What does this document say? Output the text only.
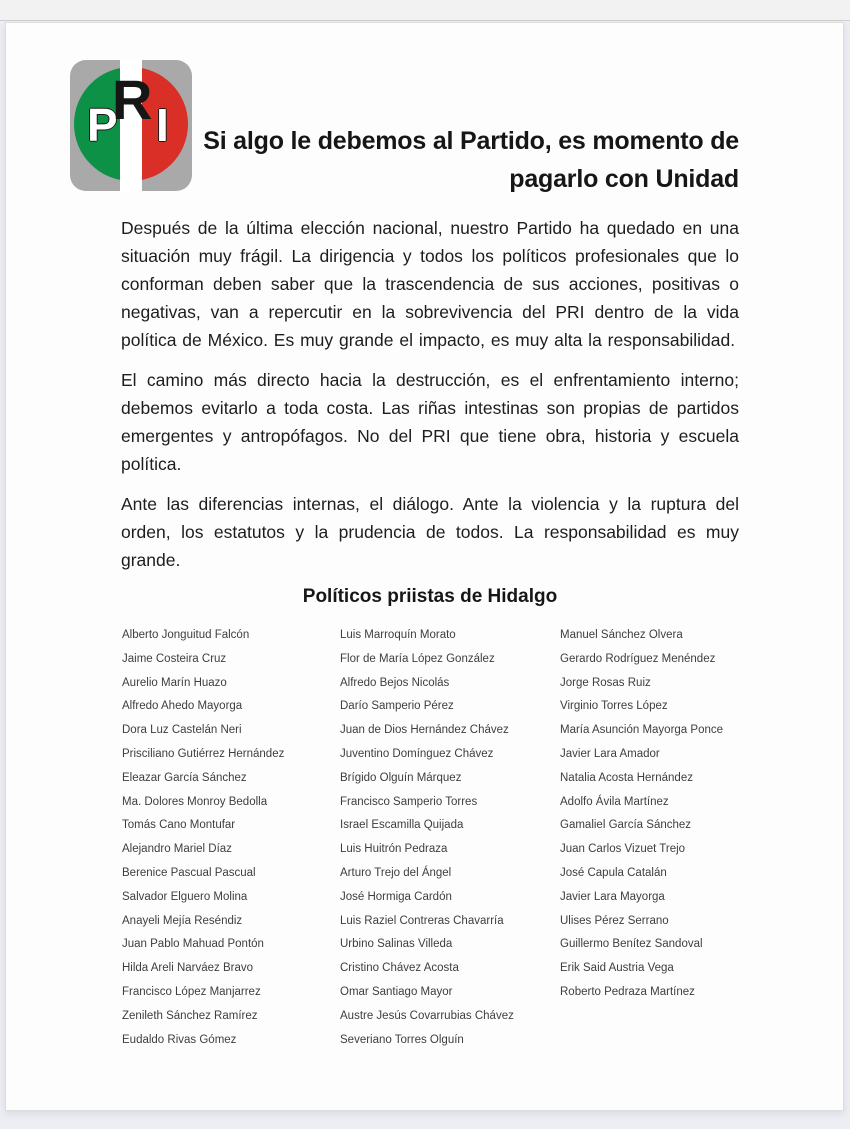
P
R I	Si algo le debemos al Partido, es momento de
pagarlo con Unidad

Después de la última elección nacional, nuestro Partido ha quedado en una situación muy frágil. La dirigencia y todos los políticos profesionales que lo conforman deben saber que la trascendencia de sus acciones, positivas o negativas, van a repercutir en la sobrevivencia del PRI dentro de la vida política de México. Es muy grande el impacto, es muy alta la responsabilidad.

El camino más directo hacia la destrucción, es el enfrentamiento interno; debemos evitarlo a toda costa. Las riñas intestinas son propias de partidos emergentes y antropófagos. No del PRI que tiene obra, historia y escuela política.

Ante las diferencias internas, el diálogo. Ante la violencia y la ruptura del orden, los estatutos y la prudencia de todos. La responsabilidad es muy grande.

Políticos priistas de Hidalgo
Alberto Jonguitud Falcón
Jaime Costeira Cruz
Aurelio Marín Huazo
Alfredo Ahedo Mayorga
Dora Luz Castelán Neri
Prisciliano Gutiérrez Hernández
Eleazar García Sánchez
Ma. Dolores Monroy Bedolla
Tomás Cano Montufar
Alejandro Mariel Díaz
Berenice Pascual Pascual
Salvador Elguero Molina
Anayeli Mejía Reséndiz
Juan Pablo Mahuad Pontón
Hilda Areli Narváez Bravo
Francisco López Manjarrez
Zenileth Sánchez Ramírez
Eudaldo Rivas Gómez
Luis Marroquín Morato
Flor de María López González
Alfredo Bejos Nicolás
Darío Samperio Pérez
Juan de Dios Hernández Chávez
Juventino Domínguez Chávez
Brígido Olguín Márquez
Francisco Samperio Torres
Israel Escamilla Quijada
Luis Huitrón Pedraza
Arturo Trejo del Ángel
José Hormiga Cardón
Luis Raziel Contreras Chavarría
Urbino Salinas Villeda
Cristino Chávez Acosta
Omar Santiago Mayor
Austre Jesús Covarrubias Chávez
Severiano Torres Olguín
Manuel Sánchez Olvera
Gerardo Rodríguez Menéndez
Jorge Rosas Ruiz
Virginio Torres López
María Asunción Mayorga Ponce
Javier Lara Amador
Natalia Acosta Hernández
Adolfo Ávila Martínez
Gamaliel García Sánchez
Juan Carlos Vizuet Trejo
José Capula Catalán
Javier Lara Mayorga
Ulises Pérez Serrano
Guillermo Benítez Sandoval
Erik Said Austria Vega
Roberto Pedraza Martínez
